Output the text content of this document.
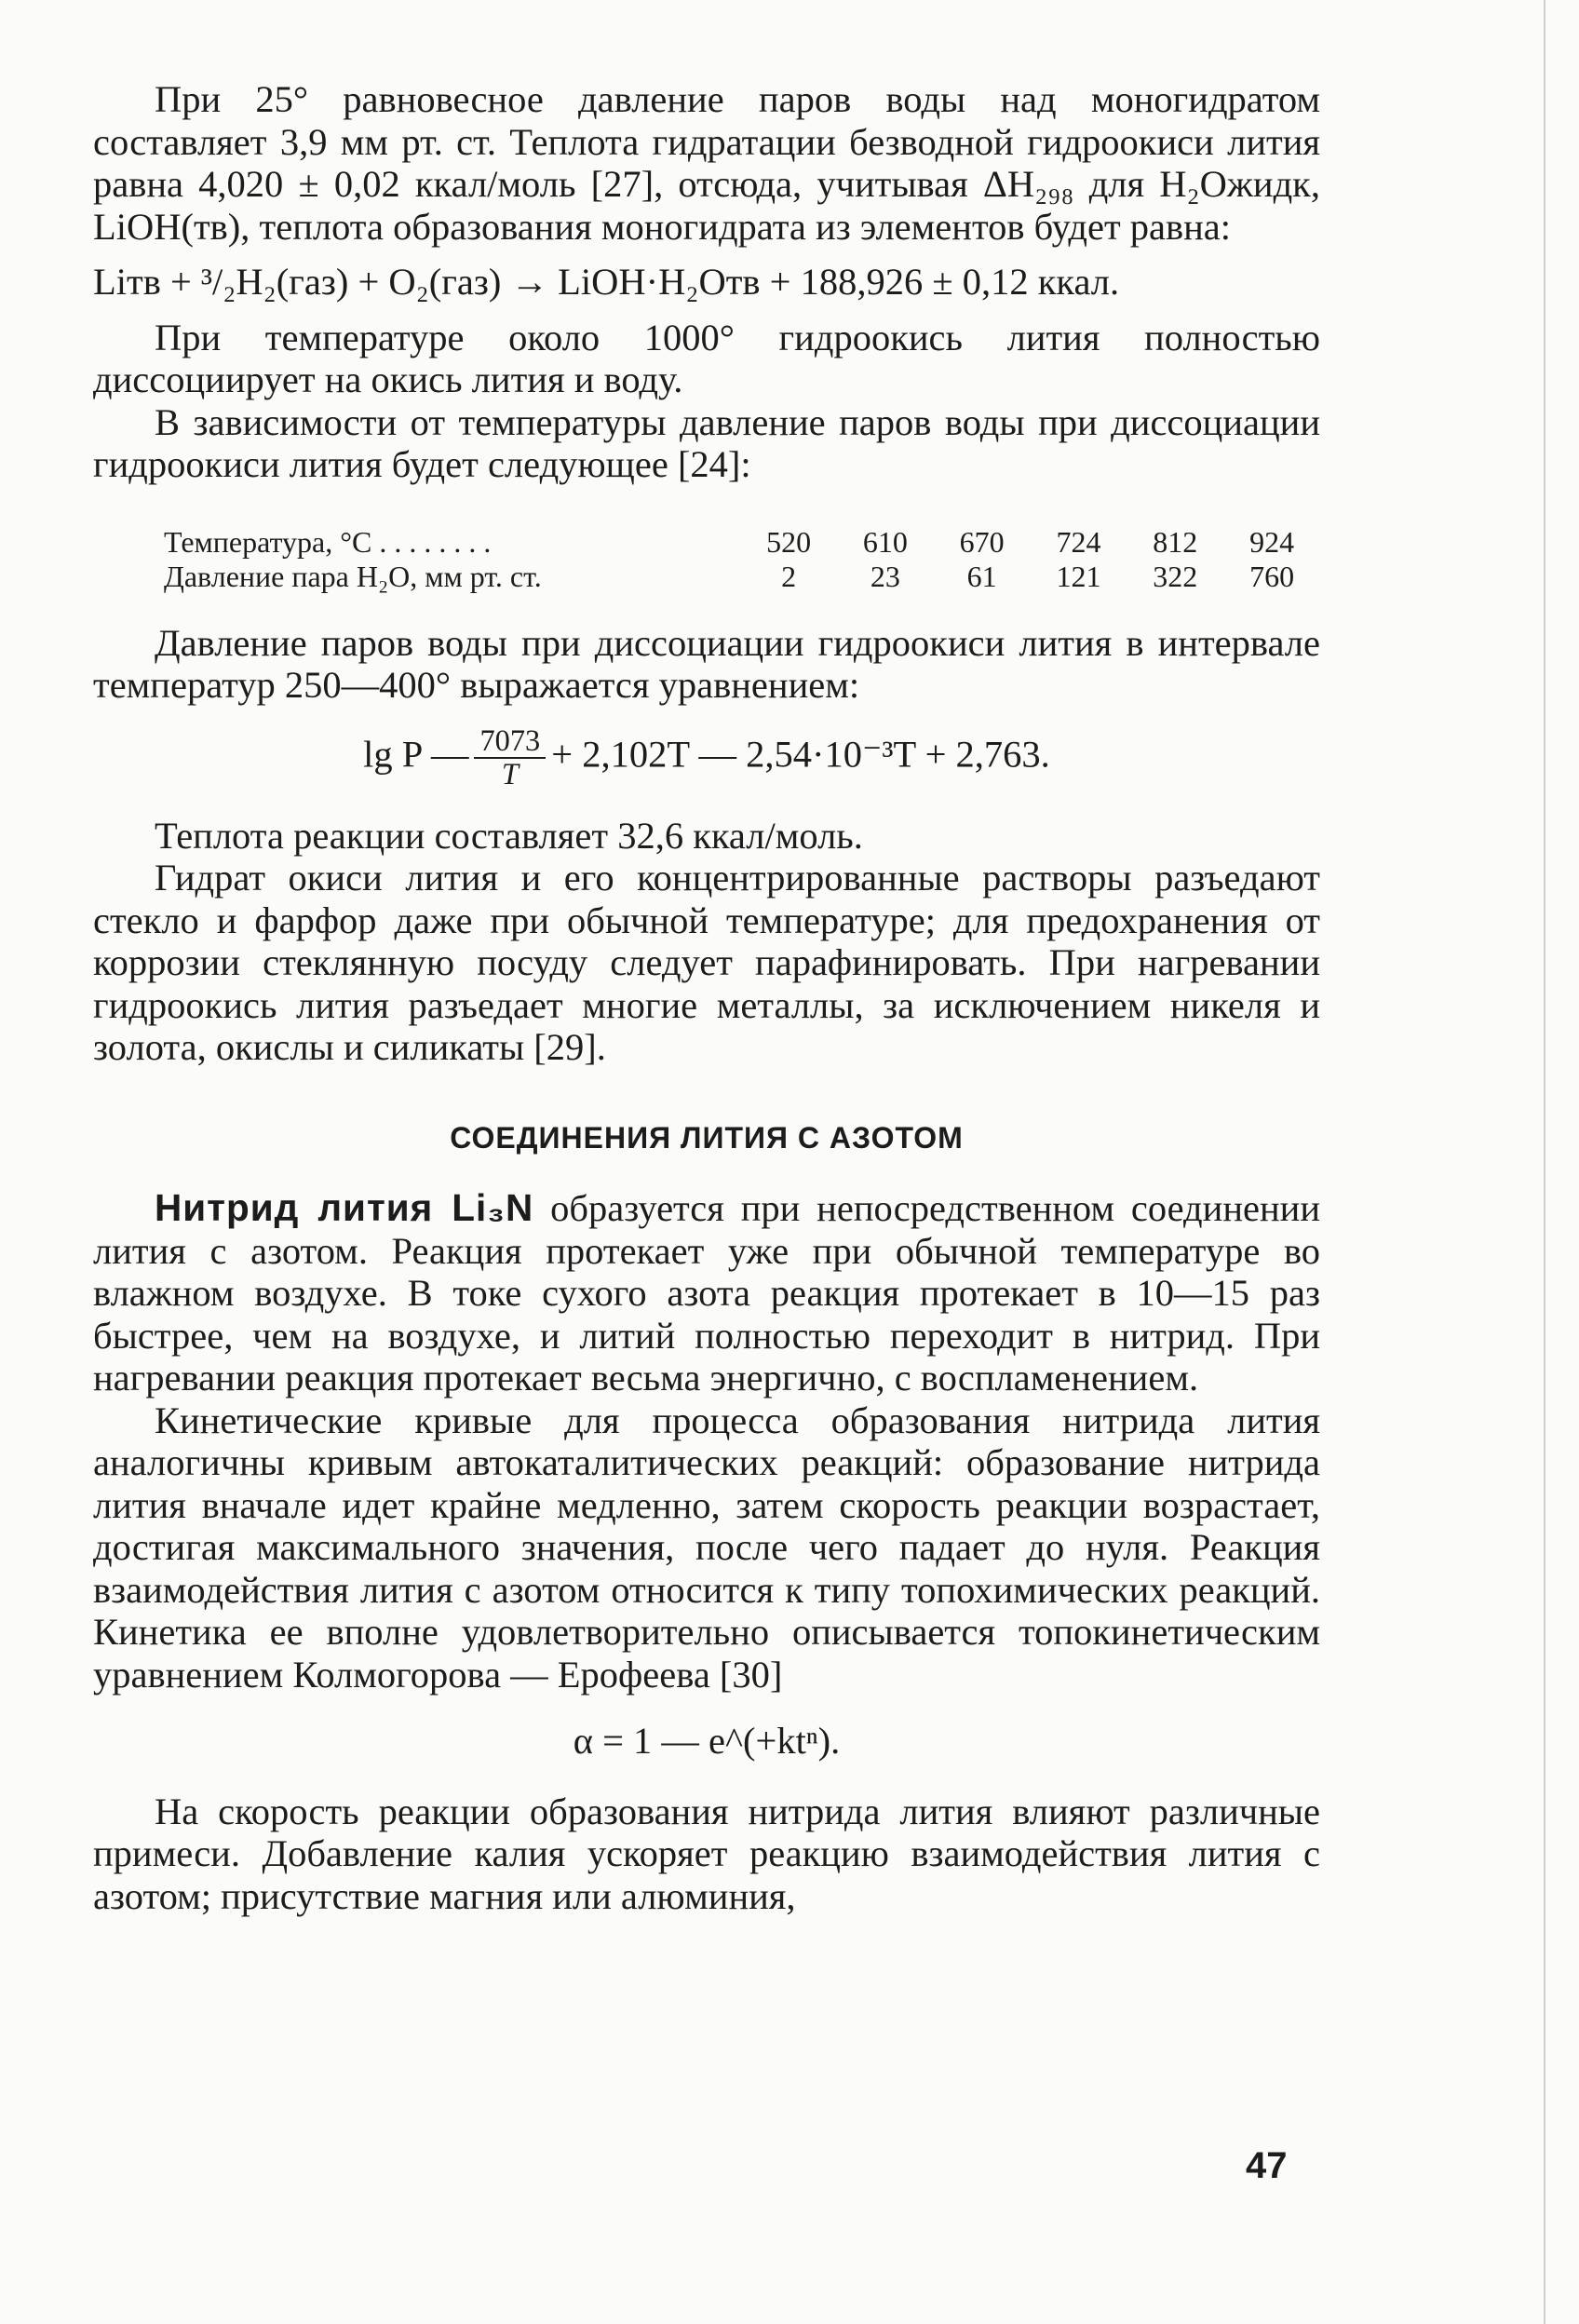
При 25° равновесное давление паров воды над моногидратом составляет 3,9 мм рт. ст. Теплота гидратации безводной гидроокиси лития равна 4,020 ± 0,02 ккал/моль [27], отсюда, учитывая ΔH₂₉₈ для H₂Oжидк, LiOH(тв), теплота образования моногидрата из элементов будет равна:

Liтв + ³/₂H₂(газ) + O₂(газ) → LiOH·H₂Oтв + 188,926 ± 0,12 ккал.

При температуре около 1000° гидроокись лития полностью диссоциирует на окись лития и воду.

В зависимости от температуры давление паров воды при диссоциации гидроокиси лития будет следующее [24]:

Температура, °C . . . . . . . .	520	610	670	724	812	924
Давление пара H₂O, мм рт. ст.	2	23	61	121	322	760

Давление паров воды при диссоциации гидроокиси лития в интервале температур 250—400° выражается уравнением:

lg P — $\frac{7073}{T} + 2,102T$ — 2,54·10⁻³T + 2,763.

Теплота реакции составляет 32,6 ккал/моль.

Гидрат окиси лития и его концентрированные растворы разъедают стекло и фарфор даже при обычной температуре; для предохранения от коррозии стеклянную посуду следует парафинировать. При нагревании гидроокись лития разъедает многие металлы, за исключением никеля и золота, окислы и силикаты [29].

СОЕДИНЕНИЯ ЛИТИЯ С АЗОТОМ

Нитрид лития Li₃N образуется при непосредственном соединении лития с азотом. Реакция протекает уже при обычной температуре во влажном воздухе. В токе сухого азота реакция протекает в 10—15 раз быстрее, чем на воздухе, и литий полностью переходит в нитрид. При нагревании реакция протекает весьма энергично, с воспламенением.

Кинетические кривые для процесса образования нитрида лития аналогичны кривым автокаталитических реакций: образование нитрида лития вначале идет крайне медленно, затем скорость реакции возрастает, достигая максимального значения, после чего падает до нуля. Реакция взаимодействия лития с азотом относится к типу топохимических реакций. Кинетика ее вполне удовлетворительно описывается топокинетическим уравнением Колмогорова — Ерофеева [30]

α = 1 — e^(+ktⁿ).

На скорость реакции образования нитрида лития влияют различные примеси. Добавление калия ускоряет реакцию взаимодействия лития с азотом; присутствие магния или алюминия,

47
